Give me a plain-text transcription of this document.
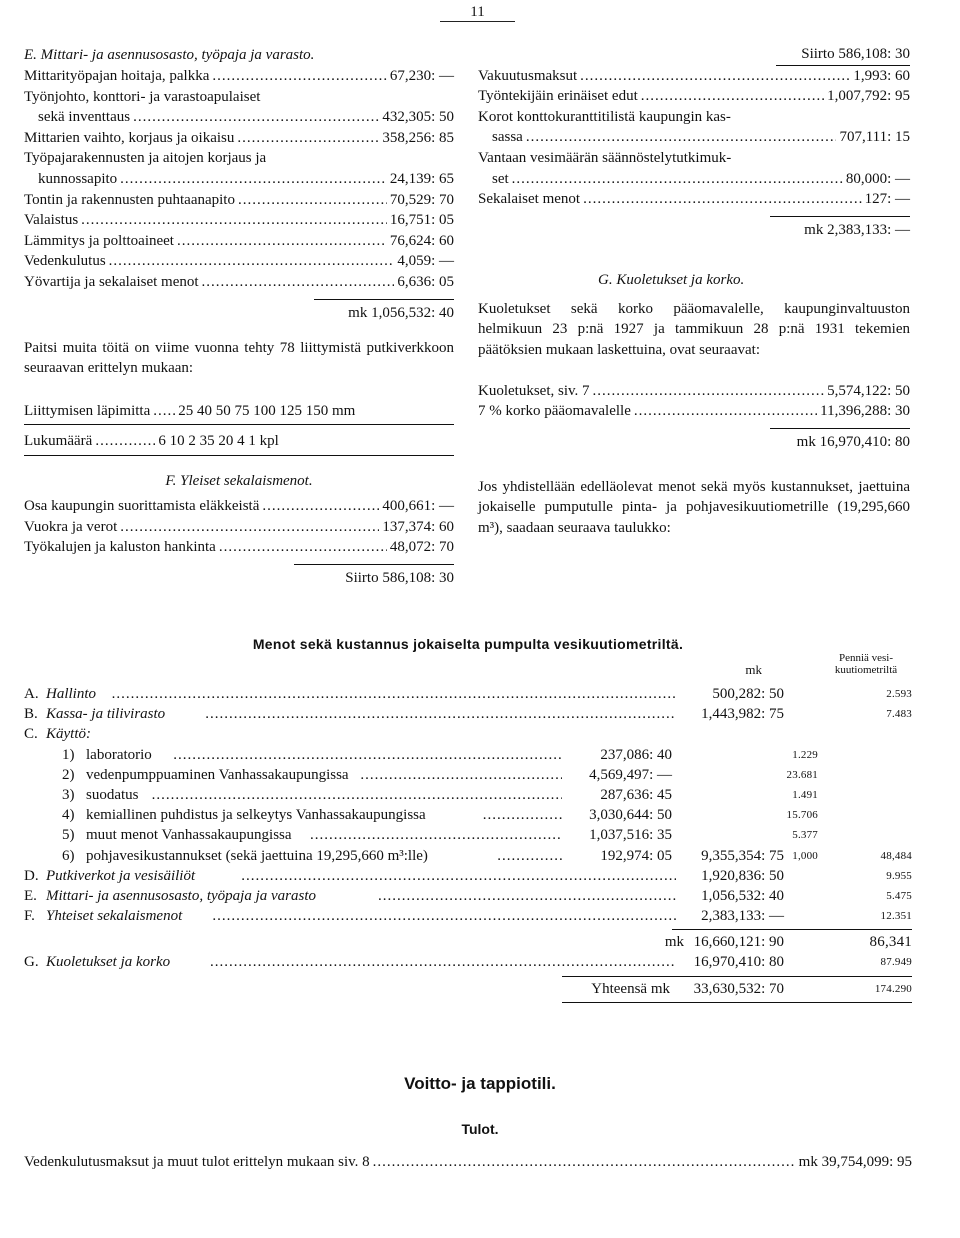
11
E. Mittari- ja asennusosasto, työpaja ja varasto.
Mittarityöpajan hoitaja, palkka .....	67,230: —
Työnjohto, konttori- ja varastoapulaiset
sekä inventtaus .....	432,305: 50
Mittarien vaihto, korjaus ja oikaisu .....	358,256: 85
Työpajarakennusten ja aitojen korjaus ja
kunnossapito .....	24,139: 65
Tontin ja rakennusten puhtaanapito .....	70,529: 70
Valaistus .....	16,751: 05
Lämmitys ja polttoaineet .....	76,624: 60
Vedenkulutus .....	4,059: —
Yövartija ja sekalaiset menot .....	6,636: 05
mk 1,056,532: 40
Paitsi muita töitä on viime vuonna tehty 78 liittymistä putkiverkkoon seuraavan erittelyn mukaan:
Liittymisen läpimitta ..... 25 40 50 75 100 125 150 mm
Lukumäärä .....	6 10 2 35 20 4 1 kpl
F. Yleiset sekalaismenot.
Osa kaupungin suorittamista eläkkeistä .....	400,661: —
Vuokra ja verot .....	137,374: 60
Työkalujen ja kaluston hankinta .....	48,072: 70
Siirto 586,108: 30
Siirto 586,108: 30
Vakuutusmaksut .....	1,993: 60
Työntekijäin erinäiset edut .....	1,007,792: 95
Korot konttokuranttitilistä kaupungin kas-
sassa .....	707,111: 15
Vantaan vesimäärän säännöstelytutkimuk-
set .....	80,000: —
Sekalaiset menot .....	127: —
mk 2,383,133: —
G. Kuoletukset ja korko.
Kuoletukset sekä korko pääomavalelle, kaupunginvaltuuston helmikuun 23 p:nä 1927 ja tammikuun 28 p:nä 1931 tekemien päätöksien mukaan laskettuina, ovat seuraavat:
Kuoletukset, siv. 7 .....	5,574,122: 50
7 % korko pääomavalelle .....	11,396,288: 30
mk 16,970,410: 80
Jos yhdistellään edelläolevat menot sekä myös kustannukset, jaettuina jokaiselle pumputulle pinta- ja pohjavesikuutiometrille (19,295,660 m³), saadaan seuraava taulukko:
Menot sekä kustannus jokaiselta pumpulta vesikuutiometriltä.
mk
Penniä vesi-kuutiometriltä
A. Hallinto .....	500,282: 50	2.593
B. Kassa- ja tilivirasto .....	1,443,982: 75	7.483
C. Käyttö:
1) laboratorio .....	237,086: 40	1.229
2) vedenpumppuaminen Vanhassakaupungissa .....	4,569,497: —	23.681
3) suodatus .....	287,636: 45	1.491
4) kemiallinen puhdistus ja selkeytys Vanhassakaupungissa .....	3,030,644: 50	15.706
5) muut menot Vanhassakaupungissa .....	1,037,516: 35	5.377
6) pohjavesikustannukset (sekä jaettuina 19,295,660 m³:lle) .....	192,974: 05 9,355,354: 75 1,000	48,484
D. Putkiverkot ja vesisäiliöt .....	1,920,836: 50	9.955
E. Mittari- ja asennusosasto, työpaja ja varasto .....	1,056,532: 40	5.475
F. Yhteiset sekalaismenot .....	2,383,133: —	12.351
mk 16,660,121: 90	86,341
G. Kuoletukset ja korko .....	16,970,410: 80	87.949
Yhteensä mk 33,630,532: 70	174.290
Voitto- ja tappiotili.
Tulot.
Vedenkulutusmaksut ja muut tulot erittelyn mukaan siv. 8 .....	mk 39,754,099: 95
